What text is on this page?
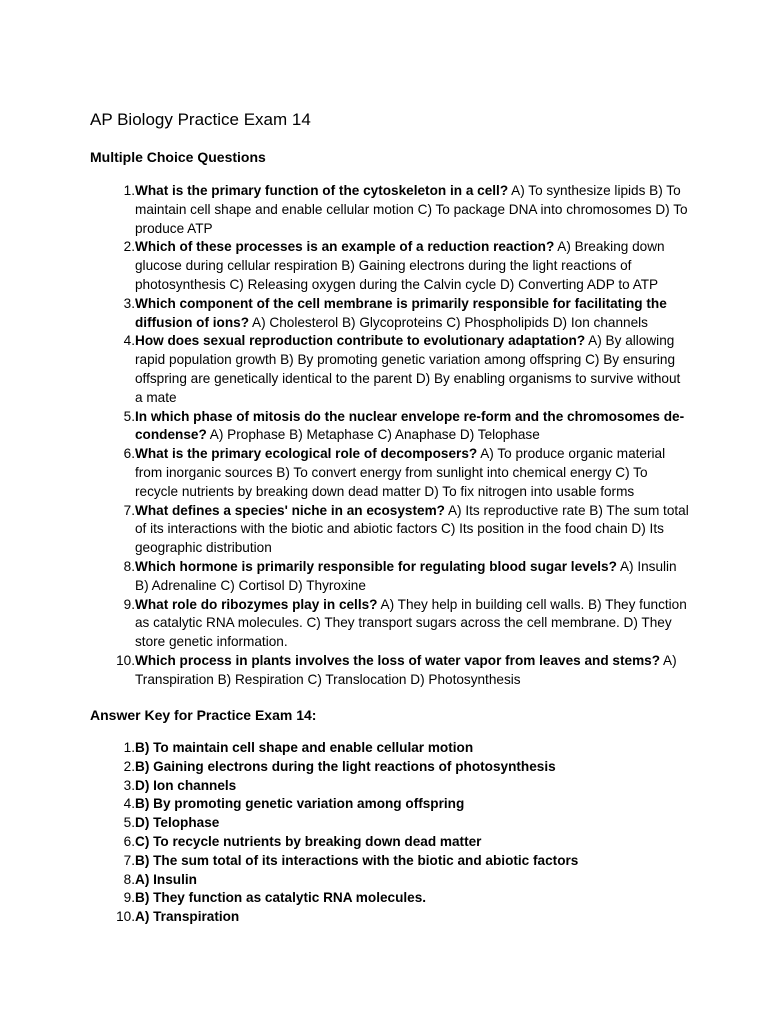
AP Biology Practice Exam 14
Multiple Choice Questions
1. What is the primary function of the cytoskeleton in a cell? A) To synthesize lipids B) To maintain cell shape and enable cellular motion C) To package DNA into chromosomes D) To produce ATP
2. Which of these processes is an example of a reduction reaction? A) Breaking down glucose during cellular respiration B) Gaining electrons during the light reactions of photosynthesis C) Releasing oxygen during the Calvin cycle D) Converting ADP to ATP
3. Which component of the cell membrane is primarily responsible for facilitating the diffusion of ions? A) Cholesterol B) Glycoproteins C) Phospholipids D) Ion channels
4. How does sexual reproduction contribute to evolutionary adaptation? A) By allowing rapid population growth B) By promoting genetic variation among offspring C) By ensuring offspring are genetically identical to the parent D) By enabling organisms to survive without a mate
5. In which phase of mitosis do the nuclear envelope re-form and the chromosomes de-condense? A) Prophase B) Metaphase C) Anaphase D) Telophase
6. What is the primary ecological role of decomposers? A) To produce organic material from inorganic sources B) To convert energy from sunlight into chemical energy C) To recycle nutrients by breaking down dead matter D) To fix nitrogen into usable forms
7. What defines a species' niche in an ecosystem? A) Its reproductive rate B) The sum total of its interactions with the biotic and abiotic factors C) Its position in the food chain D) Its geographic distribution
8. Which hormone is primarily responsible for regulating blood sugar levels? A) Insulin B) Adrenaline C) Cortisol D) Thyroxine
9. What role do ribozymes play in cells? A) They help in building cell walls. B) They function as catalytic RNA molecules. C) They transport sugars across the cell membrane. D) They store genetic information.
10. Which process in plants involves the loss of water vapor from leaves and stems? A) Transpiration B) Respiration C) Translocation D) Photosynthesis
Answer Key for Practice Exam 14:
1. B) To maintain cell shape and enable cellular motion
2. B) Gaining electrons during the light reactions of photosynthesis
3. D) Ion channels
4. B) By promoting genetic variation among offspring
5. D) Telophase
6. C) To recycle nutrients by breaking down dead matter
7. B) The sum total of its interactions with the biotic and abiotic factors
8. A) Insulin
9. B) They function as catalytic RNA molecules.
10. A) Transpiration
